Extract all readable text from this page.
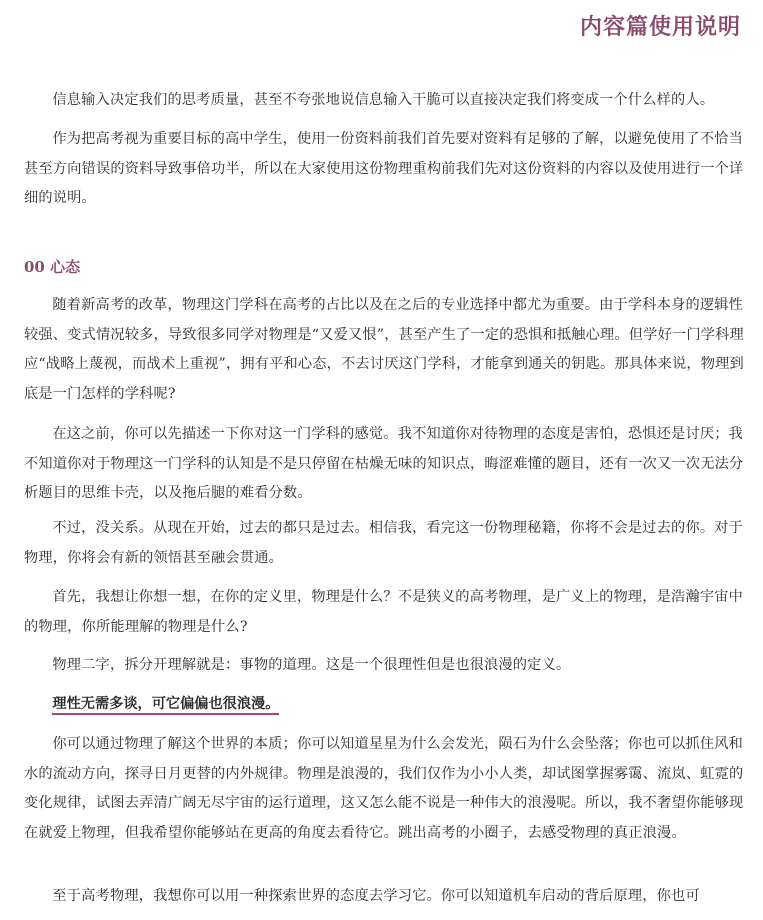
内容篇使用说明

信息输入决定我们的思考质量，甚至不夸张地说信息输入干脆可以直接决定我们将变成一个什么样的人。

作为把高考视为重要目标的高中学生，使用一份资料前我们首先要对资料有足够的了解，以避免使用了不恰当甚至方向错误的资料导致事倍功半，所以在大家使用这份物理重构前我们先对这份资料的内容以及使用进行一个详细的说明。

00 心态

随着新高考的改革，物理这门学科在高考的占比以及在之后的专业选择中都尤为重要。由于学科本身的逻辑性较强、变式情况较多，导致很多同学对物理是“又爱又恨”，甚至产生了一定的恐惧和抵触心理。但学好一门学科理应“战略上蔑视，而战术上重视”，拥有平和心态，不去讨厌这门学科，才能拿到通关的钥匙。那具体来说，物理到底是一门怎样的学科呢?

在这之前，你可以先描述一下你对这一门学科的感觉。我不知道你对待物理的态度是害怕，恐惧还是讨厌；我不知道你对于物理这一门学科的认知是不是只停留在枯燥无味的知识点，晦涩难懂的题目，还有一次又一次无法分析题目的思维卡壳，以及拖后腿的难看分数。

不过，没关系。从现在开始，过去的都只是过去。相信我，看完这一份物理秘籍，你将不会是过去的你。对于物理，你将会有新的领悟甚至融会贯通。

首先，我想让你想一想，在你的定义里，物理是什么？不是狭义的高考物理，是广义上的物理，是浩瀚宇宙中的物理，你所能理解的物理是什么?

物理二字，拆分开理解就是：事物的道理。这是一个很理性但是也很浪漫的定义。

理性无需多谈，可它偏偏也很浪漫。

你可以通过物理了解这个世界的本质；你可以知道星星为什么会发光，陨石为什么会坠落；你也可以抓住风和水的流动方向，探寻日月更替的内外规律。物理是浪漫的，我们仅作为小小人类，却试图掌握雾霭、流岚、虹霓的变化规律，试图去弄清广阔无尽宇宙的运行道理，这又怎么能不说是一种伟大的浪漫呢。所以，我不奢望你能够现在就爱上物理，但我希望你能够站在更高的角度去看待它。跳出高考的小圈子，去感受物理的真正浪漫。

至于高考物理，我想你可以用一种探索世界的态度去学习它。你可以知道机车启动的背后原理，你也可
